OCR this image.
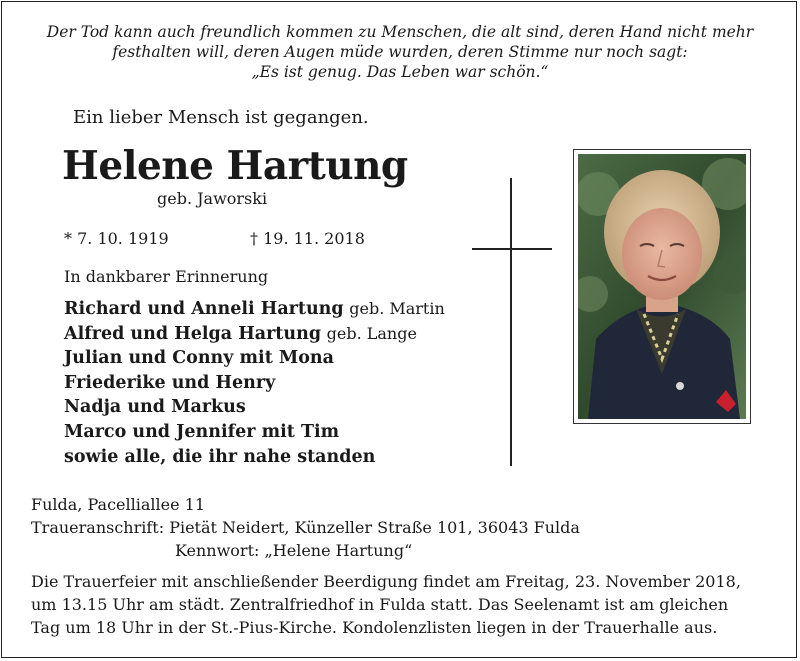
Der Tod kann auch freundlich kommen zu Menschen, die alt sind, deren Hand nicht mehr
festhalten will, deren Augen müde wurden, deren Stimme nur noch sagt:
„Es ist genug. Das Leben war schön.“
Ein lieber Mensch ist gegangen.
Helene Hartung
geb. Jaworski
* 7. 10. 1919	† 19. 11. 2018
In dankbarer Erinnerung
Richard und Anneli Hartung geb. Martin
Alfred und Helga Hartung geb. Lange
Julian und Conny mit Mona
Friederike und Henry
Nadja und Markus
Marco und Jennifer mit Tim
sowie alle, die ihr nahe standen
Fulda, Pacelliallee 11
Traueranschrift: Pietät Neidert, Künzeller Straße 101, 36043 Fulda
Kennwort: „Helene Hartung“
Die Trauerfeier mit anschließender Beerdigung findet am Freitag, 23. November 2018,
um 13.15 Uhr am städt. Zentralfriedhof in Fulda statt. Das Seelenamt ist am gleichen
Tag um 18 Uhr in der St.-Pius-Kirche. Kondolenzlisten liegen in der Trauerhalle aus.
